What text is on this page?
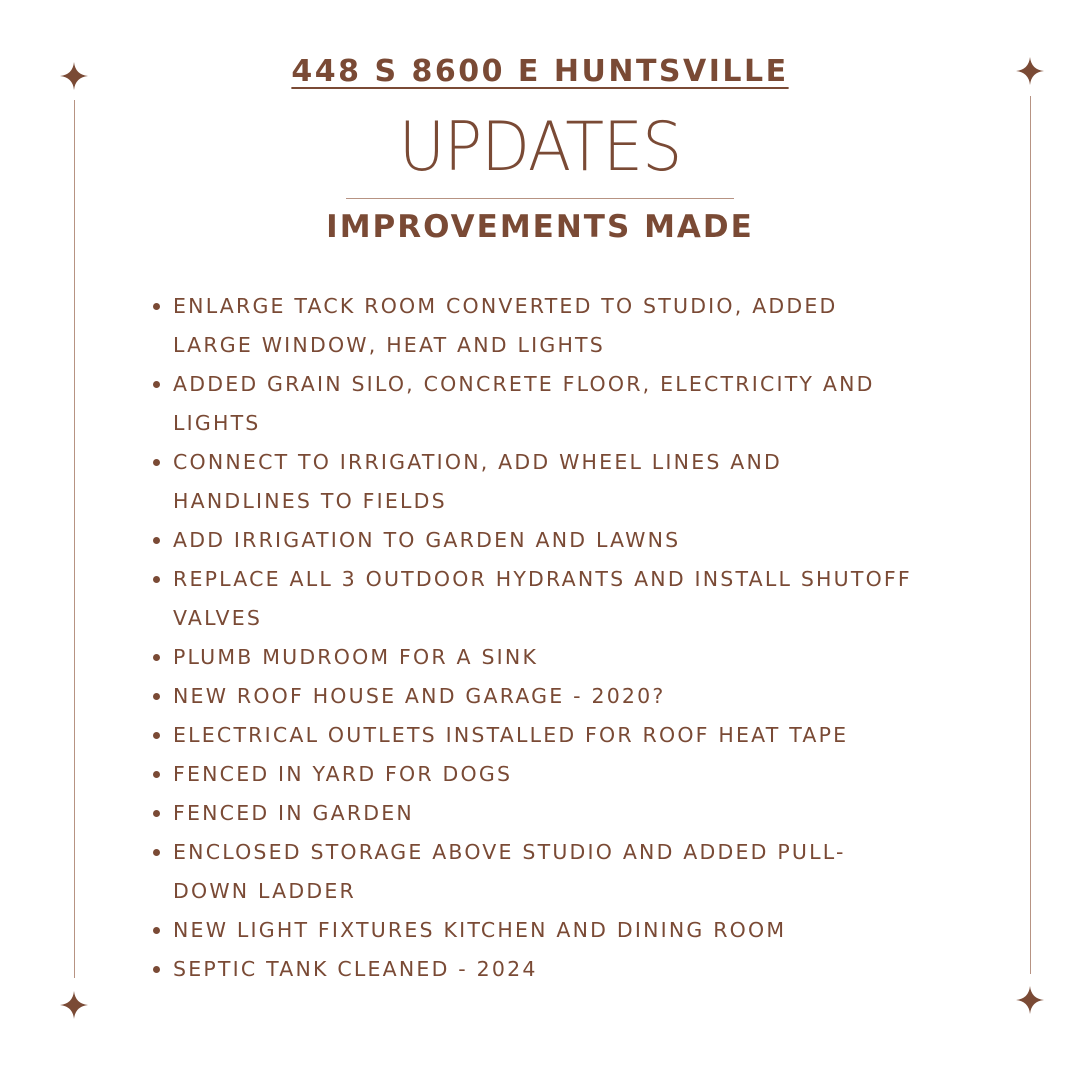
448 S 8600 E HUNTSVILLE
UPDATES
IMPROVEMENTS MADE
ENLARGE TACK ROOM CONVERTED TO STUDIO, ADDED
LARGE WINDOW, HEAT AND LIGHTS
ADDED GRAIN SILO, CONCRETE FLOOR, ELECTRICITY AND
LIGHTS
CONNECT TO IRRIGATION, ADD WHEEL LINES AND
HANDLINES TO FIELDS
ADD IRRIGATION TO GARDEN AND LAWNS
REPLACE ALL 3 OUTDOOR HYDRANTS AND INSTALL SHUTOFF
VALVES
PLUMB MUDROOM FOR A SINK
NEW ROOF HOUSE AND GARAGE - 2020?
ELECTRICAL OUTLETS INSTALLED FOR ROOF HEAT TAPE
FENCED IN YARD FOR DOGS
FENCED IN GARDEN
ENCLOSED STORAGE ABOVE STUDIO AND ADDED PULL-
DOWN LADDER
NEW LIGHT FIXTURES KITCHEN AND DINING ROOM
SEPTIC TANK CLEANED - 2024
